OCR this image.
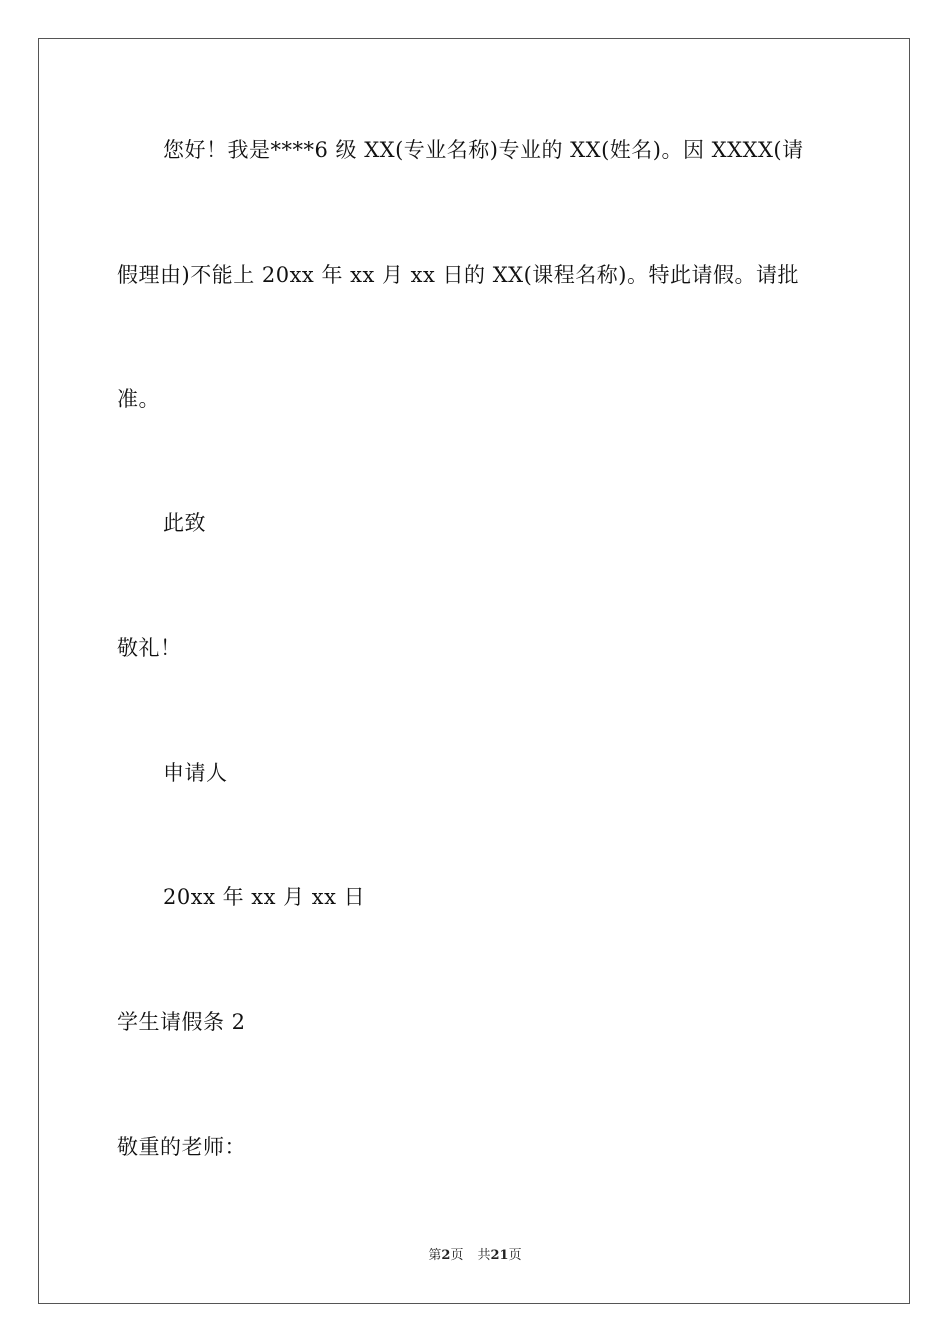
您好！我是****6 级 XX(专业名称)专业的 XX(姓名)。因 XXXX(请
假理由)不能上 20xx 年 xx 月 xx 日的 XX(课程名称)。特此请假。请批
准。
此致
敬礼！
申请人
20xx 年 xx 月 xx 日
学生请假条 2
敬重的老师：
第2页 共21页
